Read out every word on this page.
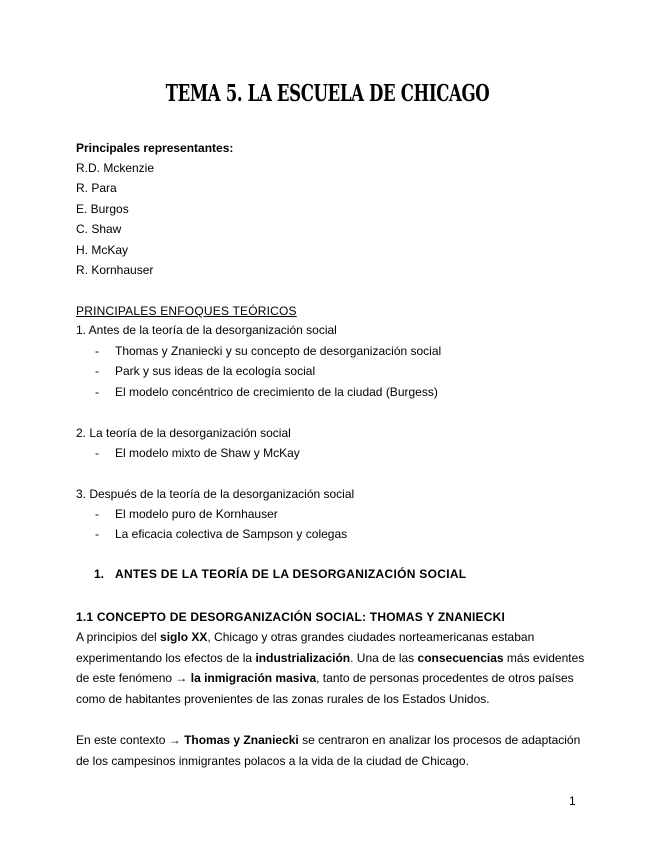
TEMA 5. LA ESCUELA DE CHICAGO
Principales representantes:
R.D. Mckenzie
R. Para
E. Burgos
C. Shaw
H. McKay
R. Kornhauser
PRINCIPALES ENFOQUES TEÓRICOS
1. Antes de la teoría de la desorganización social
- Thomas y Znaniecki y su concepto de desorganización social
- Park y sus ideas de la ecología social
- El modelo concéntrico de crecimiento de la ciudad (Burgess)
2. La teoría de la desorganización social
- El modelo mixto de Shaw y McKay
3. Después de la teoría de la desorganización social
- El modelo puro de Kornhauser
- La eficacia colectiva de Sampson y colegas
1. ANTES DE LA TEORÍA DE LA DESORGANIZACIÓN SOCIAL
1.1 CONCEPTO DE DESORGANIZACIÓN SOCIAL: THOMAS Y ZNANIECKI
A principios del siglo XX, Chicago y otras grandes ciudades norteamericanas estaban
experimentando los efectos de la industrialización. Una de las consecuencias más evidentes
de este fenómeno → la inmigración masiva, tanto de personas procedentes de otros países
como de habitantes provenientes de las zonas rurales de los Estados Unidos.
En este contexto → Thomas y Znaniecki se centraron en analizar los procesos de adaptación
de los campesinos inmigrantes polacos a la vida de la ciudad de Chicago.
1
